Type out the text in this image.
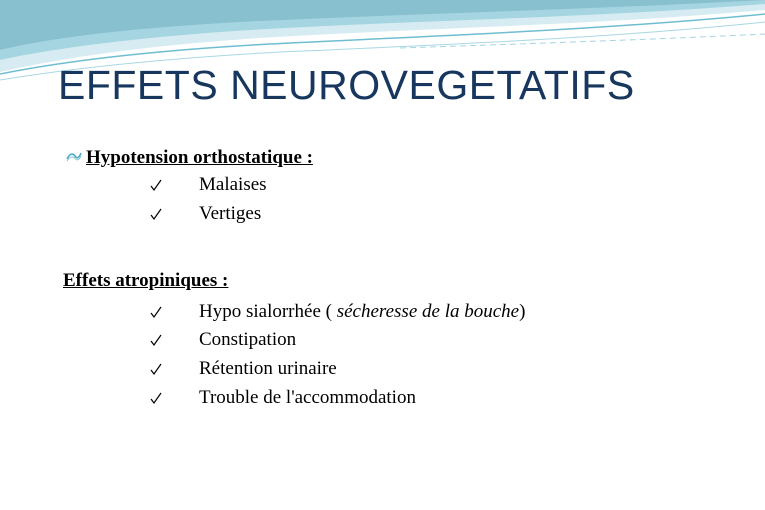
EFFETS NEUROVEGETATIFS
Hypotension orthostatique :
Malaises
Vertiges
Effets atropiniques :
Hypo sialorrhée ( sécheresse de la bouche)
Constipation
Rétention urinaire
Trouble de l'accommodation
